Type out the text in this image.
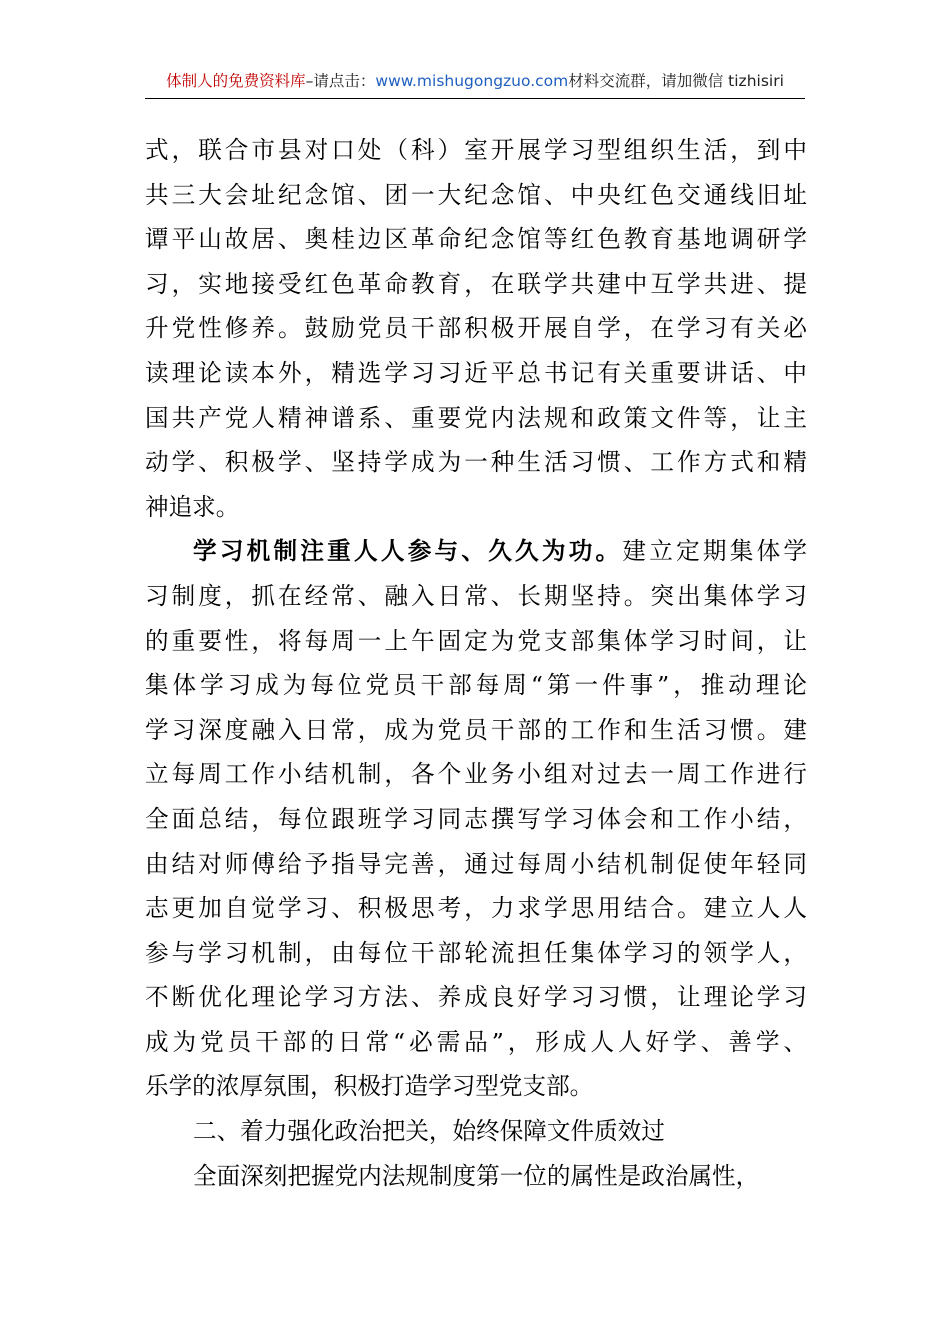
体制人的免费资料库–请点击：www.mishugongzuo.com材料交流群，请加微信 tizhisiri
式，联合市县对口处（科）室开展学习型组织生活，到中
共三大会址纪念馆、团一大纪念馆、中央红色交通线旧址
谭平山故居、奥桂边区革命纪念馆等红色教育基地调研学
习，实地接受红色革命教育，在联学共建中互学共进、提
升党性修养。鼓励党员干部积极开展自学，在学习有关必
读理论读本外，精选学习习近平总书记有关重要讲话、中
国共产党人精神谱系、重要党内法规和政策文件等，让主
动学、积极学、坚持学成为一种生活习惯、工作方式和精
神追求。
学习机制注重人人参与、久久为功。建立定期集体学
习制度，抓在经常、融入日常、长期坚持。突出集体学习
的重要性，将每周一上午固定为党支部集体学习时间，让
集体学习成为每位党员干部每周“第一件事”，推动理论
学习深度融入日常，成为党员干部的工作和生活习惯。建
立每周工作小结机制，各个业务小组对过去一周工作进行
全面总结，每位跟班学习同志撰写学习体会和工作小结，
由结对师傅给予指导完善，通过每周小结机制促使年轻同
志更加自觉学习、积极思考，力求学思用结合。建立人人
参与学习机制，由每位干部轮流担任集体学习的领学人，
不断优化理论学习方法、养成良好学习习惯，让理论学习
成为党员干部的日常“必需品”，形成人人好学、善学、
乐学的浓厚氛围，积极打造学习型党支部。
二、着力强化政治把关，始终保障文件质效过
全面深刻把握党内法规制度第一位的属性是政治属性，
